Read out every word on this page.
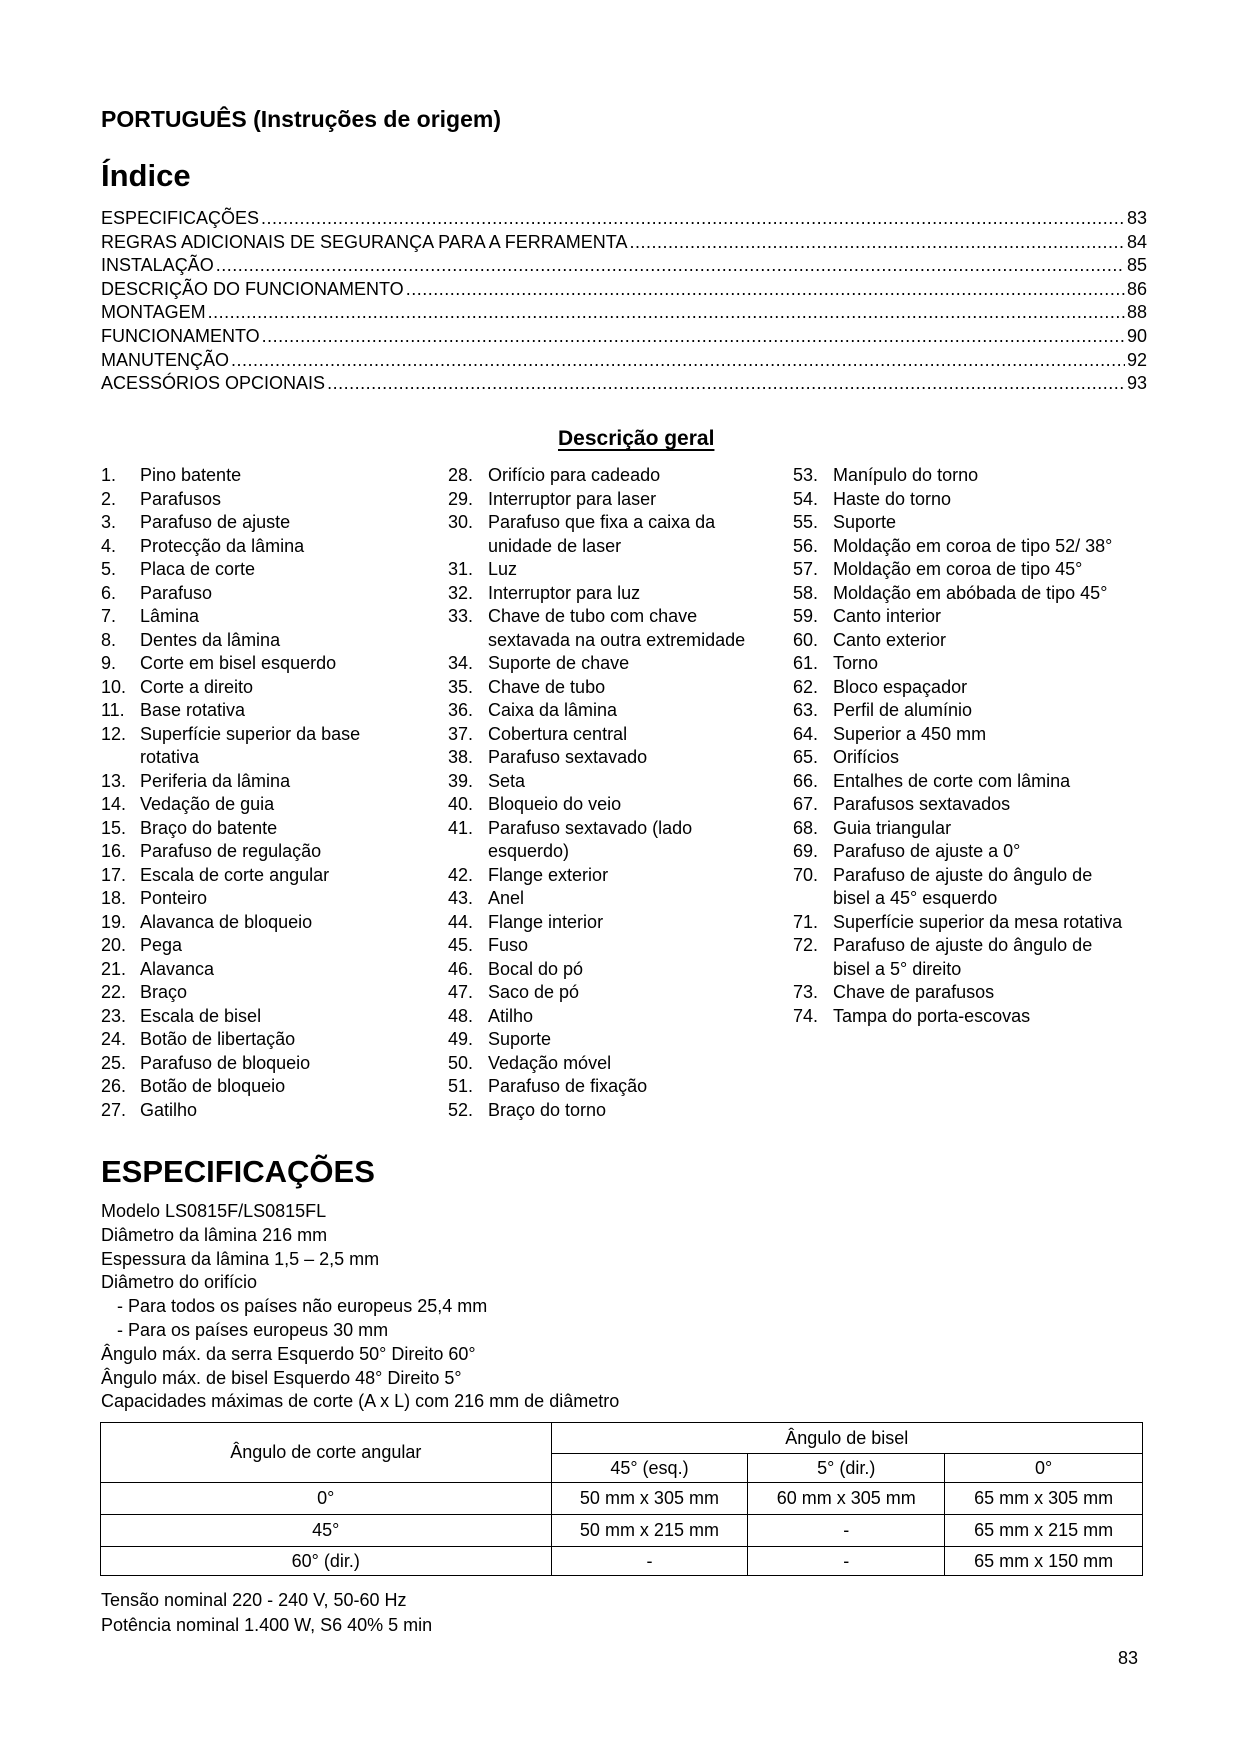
PORTUGUÊS (Instruções de origem)
Índice
ESPECIFICAÇÕES .....	83
REGRAS ADICIONAIS DE SEGURANÇA PARA A FERRAMENTA .....	84
INSTALAÇÃO .....	85
DESCRIÇÃO DO FUNCIONAMENTO .....	86
MONTAGEM .....	88
FUNCIONAMENTO .....	90
MANUTENÇÃO .....	92
ACESSÓRIOS OPCIONAIS .....	93
Descrição geral
1.	Pino batente
2.	Parafusos
3.	Parafuso de ajuste
4.	Protecção da lâmina
5.	Placa de corte
6.	Parafuso
7.	Lâmina
8.	Dentes da lâmina
9.	Corte em bisel esquerdo
10. Corte a direito
11. Base rotativa
12. Superfície superior da base rotativa
13. Periferia da lâmina
14. Vedação de guia
15. Braço do batente
16. Parafuso de regulação
17. Escala de corte angular
18. Ponteiro
19. Alavanca de bloqueio
20. Pega
21. Alavanca
22. Braço
23. Escala de bisel
24. Botão de libertação
25. Parafuso de bloqueio
26. Botão de bloqueio
27. Gatilho
28. Orifício para cadeado
29. Interruptor para laser
30. Parafuso que fixa a caixa da unidade de laser
31. Luz
32. Interruptor para luz
33. Chave de tubo com chave sextavada na outra extremidade
34. Suporte de chave
35. Chave de tubo
36. Caixa da lâmina
37. Cobertura central
38. Parafuso sextavado
39. Seta
40. Bloqueio do veio
41. Parafuso sextavado (lado esquerdo)
42. Flange exterior
43. Anel
44. Flange interior
45. Fuso
46. Bocal do pó
47. Saco de pó
48. Atilho
49. Suporte
50. Vedação móvel
51. Parafuso de fixação
52. Braço do torno
53. Manípulo do torno
54. Haste do torno
55. Suporte
56. Moldação em coroa de tipo 52/ 38°
57. Moldação em coroa de tipo 45°
58. Moldação em abóbada de tipo 45°
59. Canto interior
60. Canto exterior
61. Torno
62. Bloco espaçador
63. Perfil de alumínio
64. Superior a 450 mm
65. Orifícios
66. Entalhes de corte com lâmina
67. Parafusos sextavados
68. Guia triangular
69. Parafuso de ajuste a 0°
70. Parafuso de ajuste do ângulo de bisel a 45° esquerdo
71. Superfície superior da mesa rotativa
72. Parafuso de ajuste do ângulo de bisel a 5° direito
73. Chave de parafusos
74. Tampa do porta-escovas
ESPECIFICAÇÕES
Modelo LS0815F/LS0815FL
Diâmetro da lâmina 216 mm
Espessura da lâmina 1,5 – 2,5 mm
Diâmetro do orifício
- Para todos os países não europeus 25,4 mm
- Para os países europeus 30 mm
Ângulo máx. da serra Esquerdo 50° Direito 60°
Ângulo máx. de bisel Esquerdo 48° Direito 5°
Capacidades máximas de corte (A x L) com 216 mm de diâmetro
Ângulo de corte angular	Ângulo de bisel		
	45° (esq.)	5° (dir.)	0°
0°	50 mm x 305 mm	60 mm x 305 mm	65 mm x 305 mm
45°	50 mm x 215 mm	-	65 mm x 215 mm
60° (dir.)	-	-	65 mm x 150 mm
Tensão nominal 220 - 240 V, 50-60 Hz
Potência nominal 1.400 W, S6 40% 5 min
83
